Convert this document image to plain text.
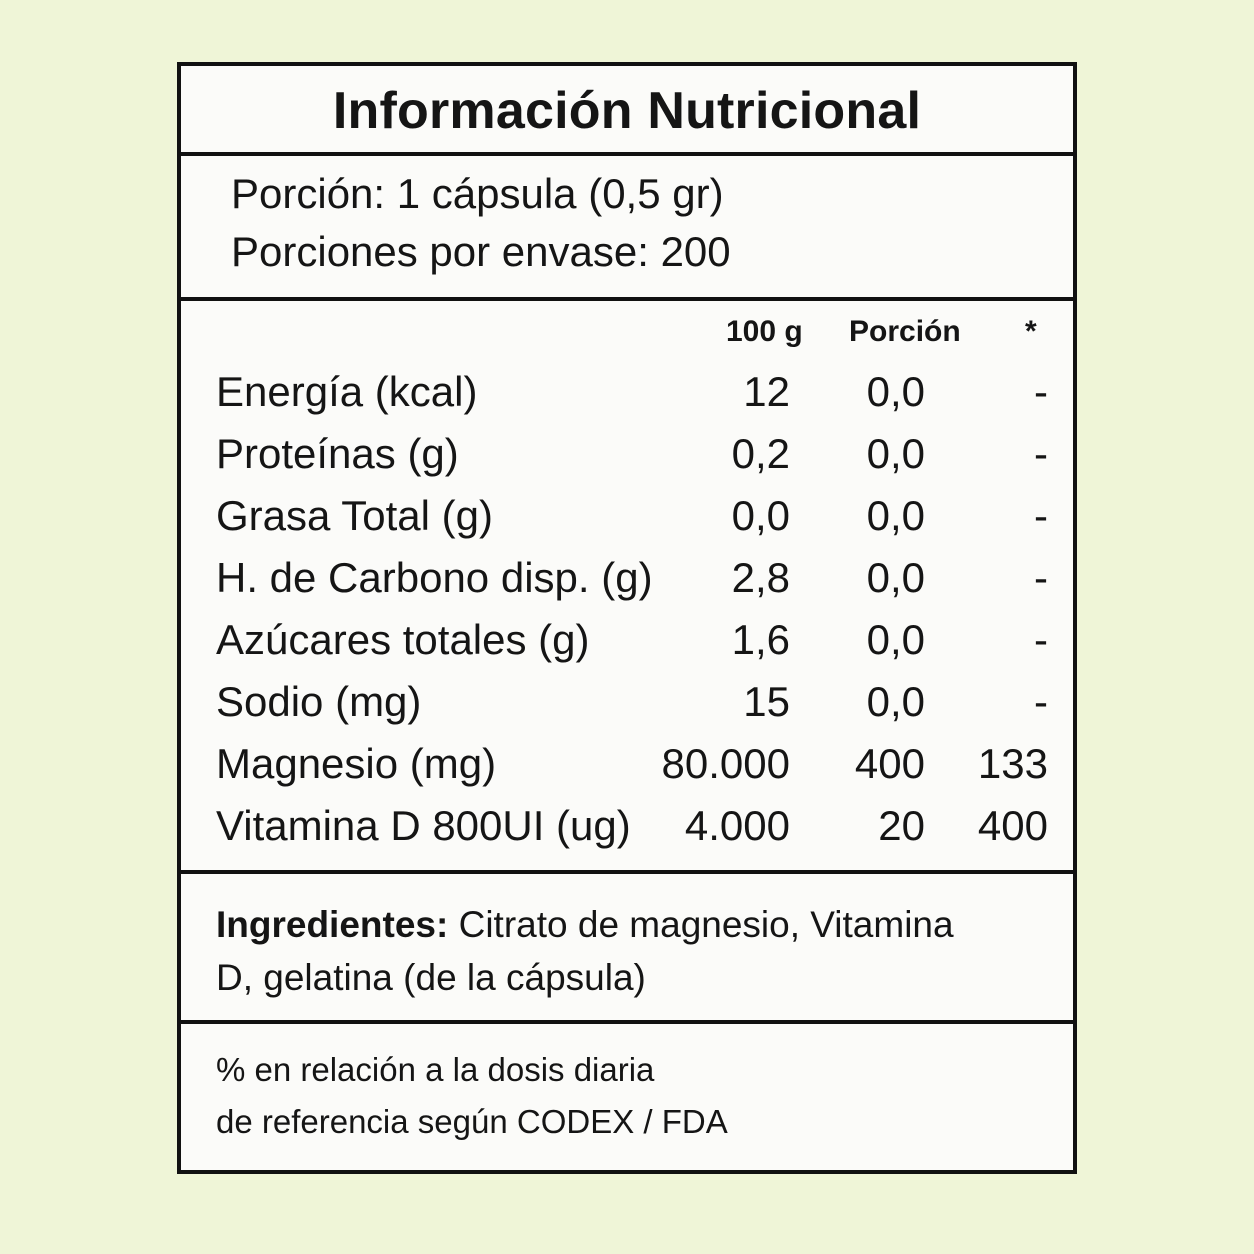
Información Nutricional
Porción: 1 cápsula (0,5 gr)
Porciones por envase: 200
100 g Porción *
Energía (kcal)	12 0,0	-
Proteínas (g)	0,2 0,0	-
Grasa Total (g)	0,0 0,0	-
H. de Carbono disp. (g) 2,8 0,0	-
Azúcares totales (g)	1,6 0,0	-
Sodio (mg)	15 0,0	-
Magnesio (mg)	80.000 400 133
Vitamina D 800UI (ug) 4.000 20 400
Ingredientes: Citrato de magnesio, Vitamina D, gelatina (de la cápsula)
% en relación a la dosis diaria
de referencia según CODEX / FDA
